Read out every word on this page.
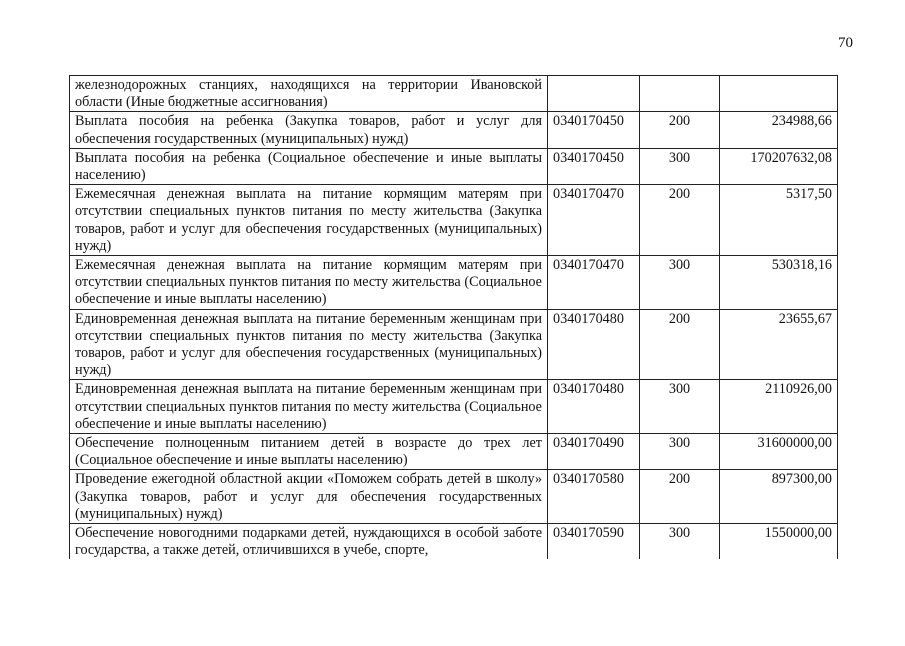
70
железнодорожных станциях, находящихся на территории Ивановской области (Иные бюджетные ассигнования)			
Выплата пособия на ребенка (Закупка товаров, работ и услуг для обеспечения государственных (муниципальных) нужд)	0340170450	200	234988,66
Выплата пособия на ребенка (Социальное обеспечение и иные выплаты населению)	0340170450	300	170207632,08
Ежемесячная денежная выплата на питание кормящим матерям при отсутствии специальных пунктов питания по месту жительства (Закупка товаров, работ и услуг для обеспечения государственных (муниципальных) нужд)	0340170470	200	5317,50
Ежемесячная денежная выплата на питание кормящим матерям при отсутствии специальных пунктов питания по месту жительства (Социальное обеспечение и иные выплаты населению)	0340170470	300	530318,16
Единовременная денежная выплата на питание беременным женщинам при отсутствии специальных пунктов питания по месту жительства (Закупка товаров, работ и услуг для обеспечения государственных (муниципальных) нужд)	0340170480	200	23655,67
Единовременная денежная выплата на питание беременным женщинам при отсутствии специальных пунктов питания по месту жительства (Социальное обеспечение и иные выплаты населению)	0340170480	300	2110926,00
Обеспечение полноценным питанием детей в возрасте до трех лет (Социальное обеспечение и иные выплаты населению)	0340170490	300	31600000,00
Проведение ежегодной областной акции «Поможем собрать детей в школу» (Закупка товаров, работ и услуг для обеспечения государственных (муниципальных) нужд)	0340170580	200	897300,00
Обеспечение новогодними подарками детей, нуждающихся в особой заботе государства, а также детей, отличившихся в учебе, спорте,	0340170590	300	1550000,00
